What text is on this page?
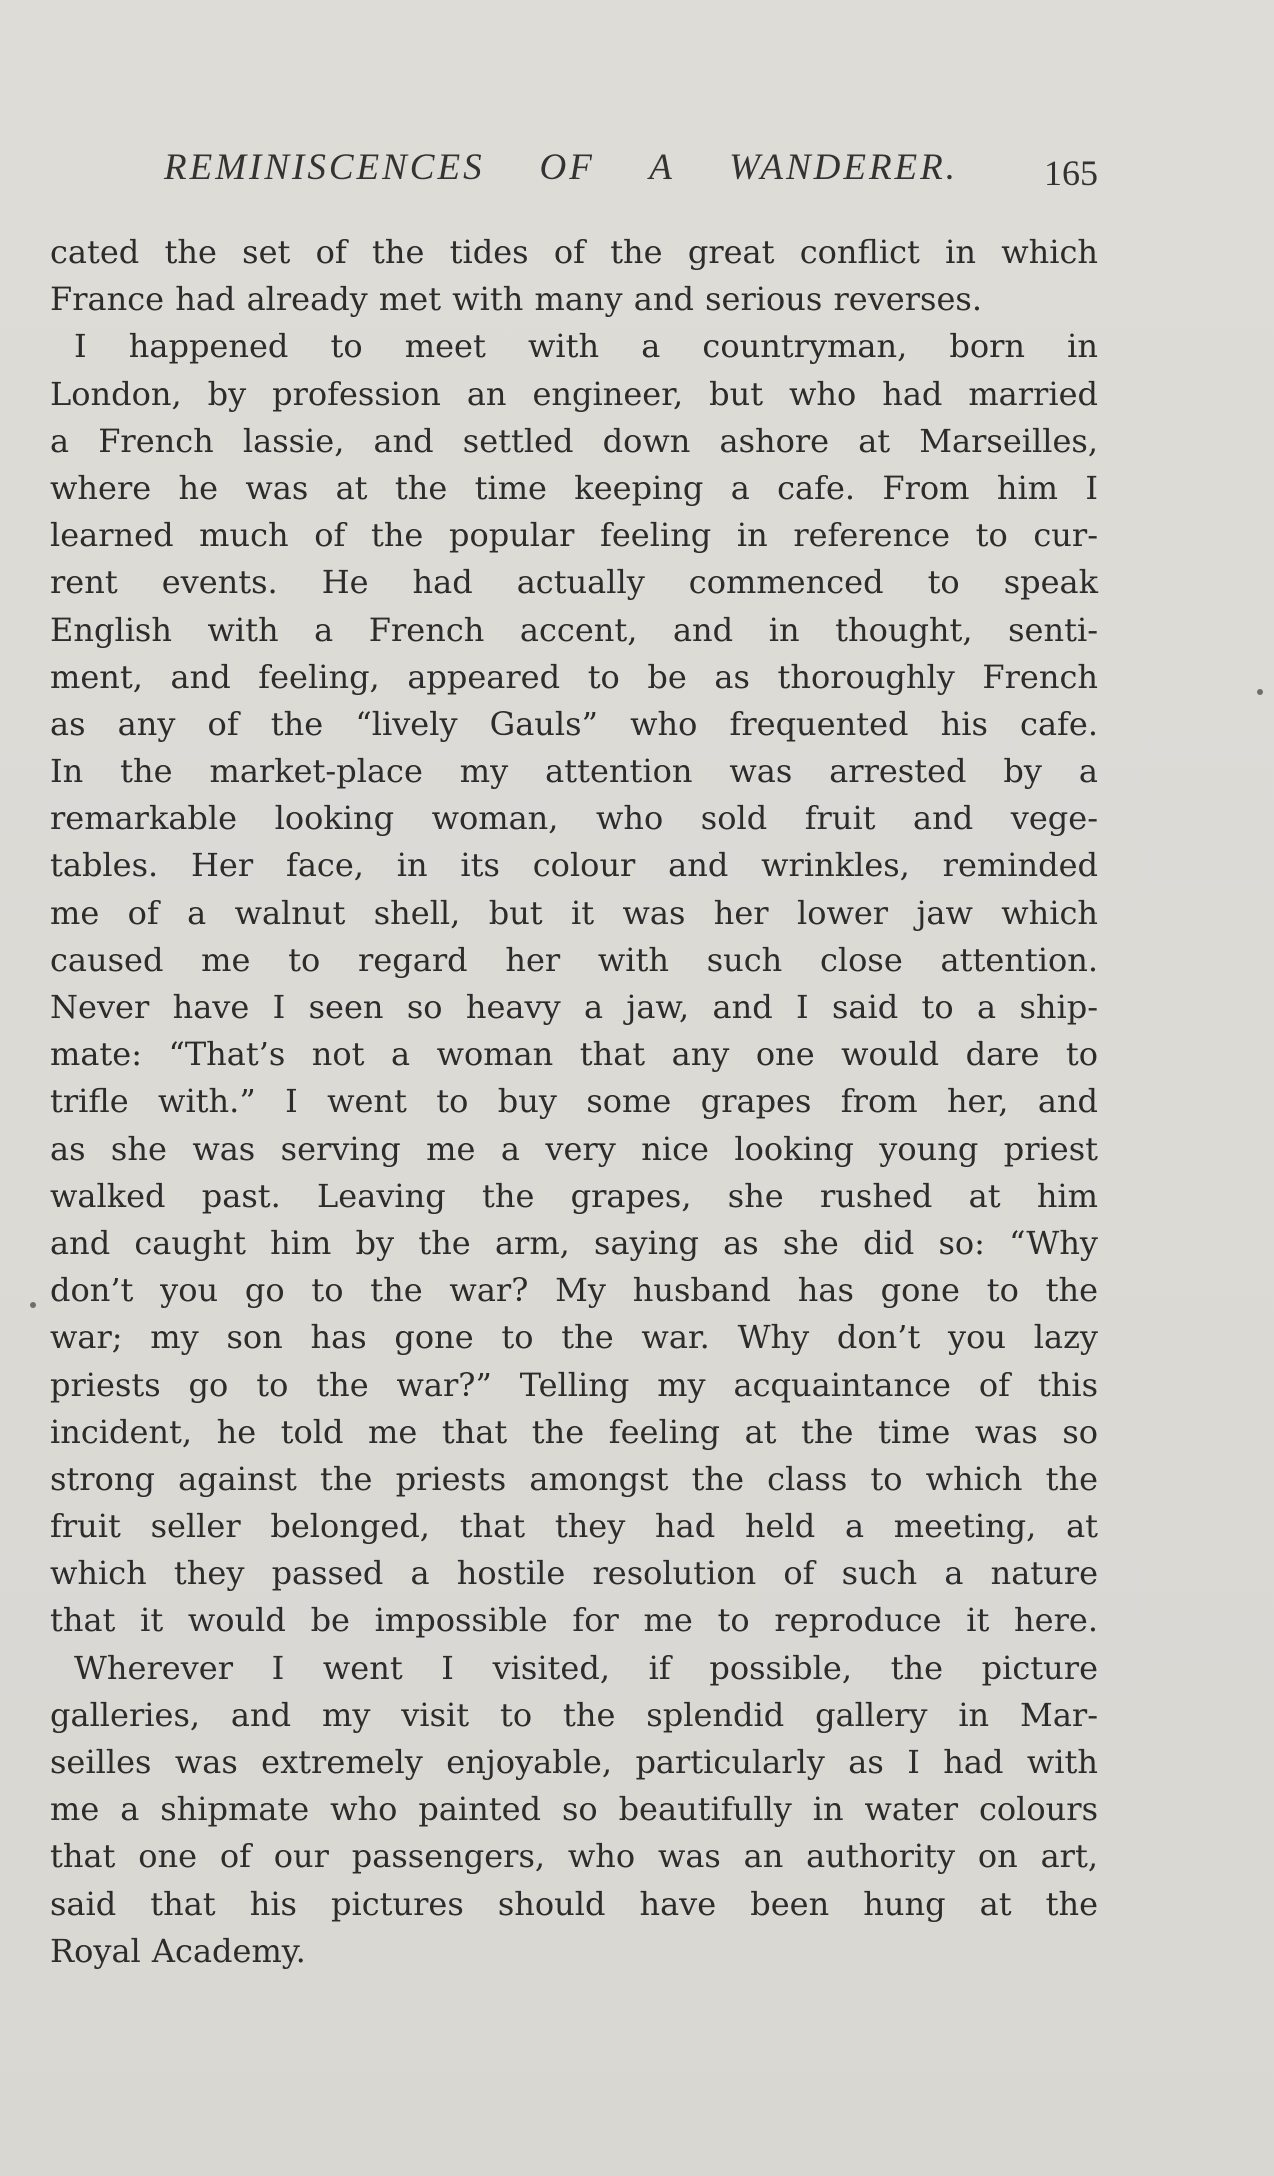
REMINISCENCES OF A WANDERER. 165
cated the set of the tides of the great conflict in which
France had already met with many and serious reverses.
I happened to meet with a countryman, born in
London, by profession an engineer, but who had married
a French lassie, and settled down ashore at Marseilles,
where he was at the time keeping a cafe. From him I
learned much of the popular feeling in reference to cur-
rent events. He had actually commenced to speak
English with a French accent, and in thought, senti-
ment, and feeling, appeared to be as thoroughly French
as any of the “lively Gauls” who frequented his cafe.
In the market-place my attention was arrested by a
remarkable looking woman, who sold fruit and vege-
tables. Her face, in its colour and wrinkles, reminded
me of a walnut shell, but it was her lower jaw which
caused me to regard her with such close attention.
Never have I seen so heavy a jaw, and I said to a ship-
mate: “That’s not a woman that any one would dare to
trifle with.” I went to buy some grapes from her, and
as she was serving me a very nice looking young priest
walked past. Leaving the grapes, she rushed at him
and caught him by the arm, saying as she did so: “Why
don’t you go to the war? My husband has gone to the
war; my son has gone to the war. Why don’t you lazy
priests go to the war?” Telling my acquaintance of this
incident, he told me that the feeling at the time was so
strong against the priests amongst the class to which the
fruit seller belonged, that they had held a meeting, at
which they passed a hostile resolution of such a nature
that it would be impossible for me to reproduce it here.
Wherever I went I visited, if possible, the picture
galleries, and my visit to the splendid gallery in Mar-
seilles was extremely enjoyable, particularly as I had with
me a shipmate who painted so beautifully in water colours
that one of our passengers, who was an authority on art,
said that his pictures should have been hung at the
Royal Academy.
